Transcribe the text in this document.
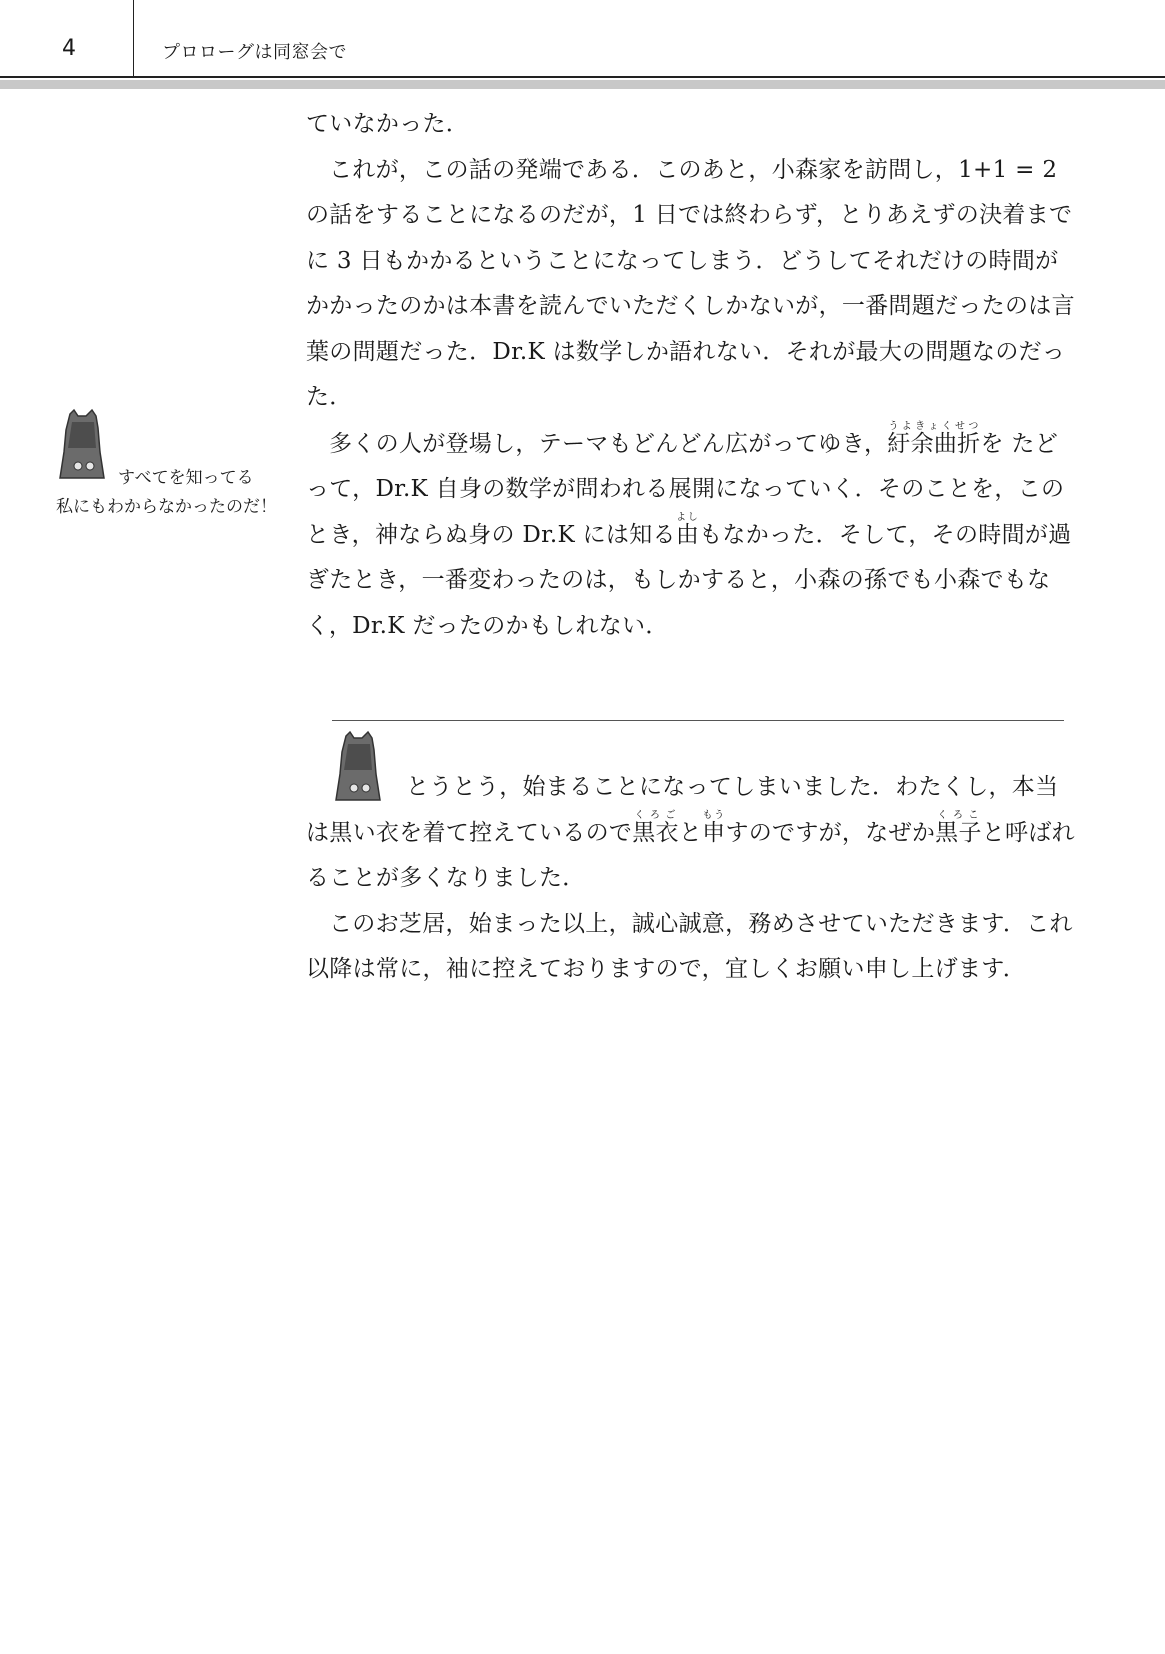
4	プロローグは同窓会で

ていなかった．

これが，この話の発端である．このあと，小森家を訪問し，1+1 = 2 の話をすることになるのだが，1 日では終わらず，とりあえずの決着までに 3 日もかかるということになってしまう．どうしてそれだけの時間がかかったのかは本書を読んでいただくしかないが，一番問題だったのは言葉の問題だった．Dr.K は数学しか語れない．それが最大の問題なのだった．

多くの人が登場し，テーマもどんどん広がってゆき，紆余曲折うよきょくせつを たどって，Dr.K 自身の数学が問われる展開になっていく．そのことを，このとき，神ならぬ身の Dr.K には知る由よしもなかった．そして，その時間が過ぎたとき，一番変わったのは，もしかすると，小森の孫でも小森でもなく，Dr.K だったのかもしれない．

すべてを知ってる
私にもわからなかったのだ！

とうとう，始まることになってしまいました．わたくし，本当は黒い衣を着て控えているので黒衣くろごと申もうすのですが，なぜか黒子くろこと呼ばれることが多くなりました．

このお芝居，始まった以上，誠心誠意，務めさせていただきます．これ以降は常に，袖に控えておりますので，宜しくお願い申し上げます．
